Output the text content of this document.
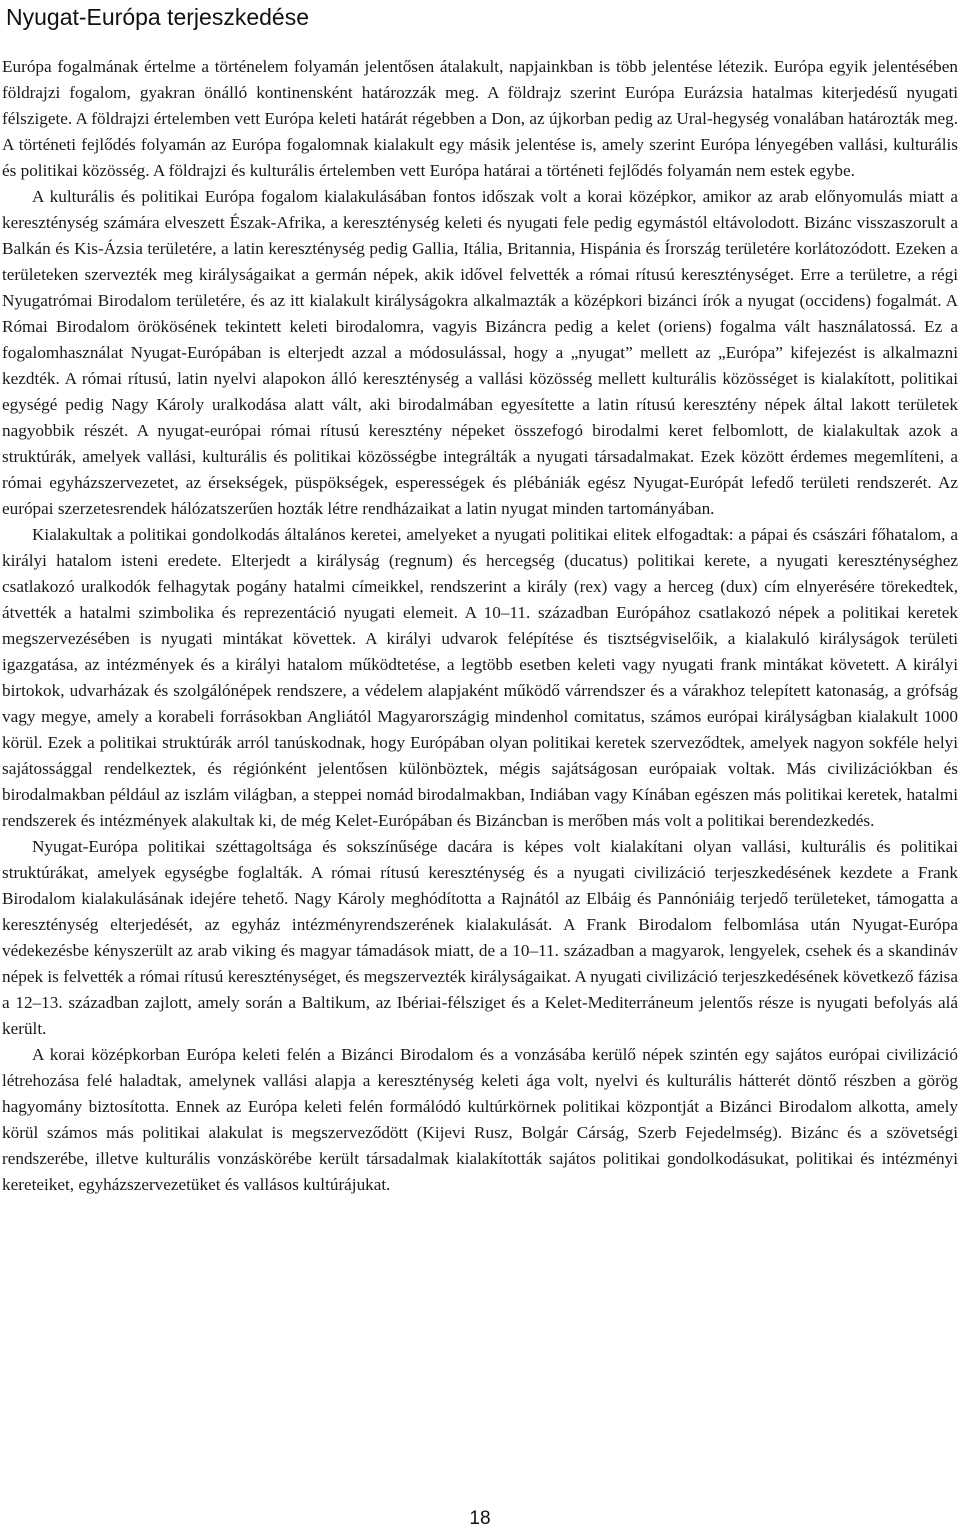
Nyugat-Európa terjeszkedése

Európa fogalmának értelme a történelem folyamán jelentősen átalakult, napjainkban is több jelentése létezik. Európa egyik jelentésében földrajzi fogalom, gyakran önálló kontinensként határozzák meg. A földrajz szerint Európa Eurázsia hatalmas kiterjedésű nyugati félszigete. A földrajzi értelemben vett Európa keleti határát régebben a Don, az újkorban pedig az Ural-hegység vonalában határozták meg. A történeti fejlődés folyamán az Európa fogalomnak kialakult egy másik jelentése is, amely szerint Európa lényegében vallási, kulturális és politikai közösség. A földrajzi és kulturális értelemben vett Európa határai a történeti fejlődés folyamán nem estek egybe.

A kulturális és politikai Európa fogalom kialakulásában fontos időszak volt a korai középkor, amikor az arab előnyomulás miatt a kereszténység számára elveszett Észak-Afrika, a kereszténység keleti és nyugati fele pedig egymástól eltávolodott. Bizánc visszaszorult a Balkán és Kis-Ázsia területére, a latin kereszténység pedig Gallia, Itália, Britannia, Hispánia és Írország területére korlátozódott. Ezeken a területeken szervezték meg királyságaikat a germán népek, akik idővel felvették a római rítusú kereszténységet. Erre a területre, a régi Nyugatrómai Birodalom területére, és az itt kialakult királyságokra alkalmazták a középkori bizánci írók a nyugat (occidens) fogalmát. A Római Birodalom örökösének tekintett keleti birodalomra, vagyis Bizáncra pedig a kelet (oriens) fogalma vált használatossá. Ez a fogalomhasználat Nyugat-Európában is elterjedt azzal a módosulással, hogy a „nyugat” mellett az „Európa” kifejezést is alkalmazni kezdték. A római rítusú, latin nyelvi alapokon álló kereszténység a vallási közösség mellett kulturális közösséget is kialakított, politikai egységé pedig Nagy Károly uralkodása alatt vált, aki birodalmában egyesítette a latin rítusú keresztény népek által lakott területek nagyobbik részét. A nyugat-európai római rítusú keresztény népeket összefogó birodalmi keret felbomlott, de kialakultak azok a struktúrák, amelyek vallási, kulturális és politikai közösségbe integrálták a nyugati társadalmakat. Ezek között érdemes megemlíteni, a római egyházszervezetet, az érsekségek, püspökségek, esperességek és plébániák egész Nyugat-Európát lefedő területi rendszerét. Az európai szerzetesrendek hálózatszerűen hozták létre rendházaikat a latin nyugat minden tartományában.

Kialakultak a politikai gondolkodás általános keretei, amelyeket a nyugati politikai elitek elfogadtak: a pápai és császári főhatalom, a királyi hatalom isteni eredete. Elterjedt a királyság (regnum) és hercegség (ducatus) politikai kerete, a nyugati kereszténységhez csatlakozó uralkodók felhagytak pogány hatalmi címeikkel, rendszerint a király (rex) vagy a herceg (dux) cím elnyerésére törekedtek, átvették a hatalmi szimbolika és reprezentáció nyugati elemeit. A 10–11. században Európához csatlakozó népek a politikai keretek megszervezésében is nyugati mintákat követtek. A királyi udvarok felépítése és tisztségviselőik, a kialakuló királyságok területi igazgatása, az intézmények és a királyi hatalom működtetése, a legtöbb esetben keleti vagy nyugati frank mintákat követett. A királyi birtokok, udvarházak és szolgálónépek rendszere, a védelem alapjaként működő várrendszer és a várakhoz telepített katonaság, a grófság vagy megye, amely a korabeli forrásokban Angliától Magyarországig mindenhol comitatus, számos európai királyságban kialakult 1000 körül. Ezek a politikai struktúrák arról tanúskodnak, hogy Európában olyan politikai keretek szerveződtek, amelyek nagyon sokféle helyi sajátossággal rendelkeztek, és régiónként jelentősen különböztek, mégis sajátságosan európaiak voltak. Más civilizációkban és birodalmakban például az iszlám világban, a steppei nomád birodalmakban, Indiában vagy Kínában egészen más politikai keretek, hatalmi rendszerek és intézmények alakultak ki, de még Kelet-Európában és Bizáncban is merőben más volt a politikai berendezkedés.

Nyugat-Európa politikai széttagoltsága és sokszínűsége dacára is képes volt kialakítani olyan vallási, kulturális és politikai struktúrákat, amelyek egységbe foglalták. A római rítusú kereszténység és a nyugati civilizáció terjeszkedésének kezdete a Frank Birodalom kialakulásának idejére tehető. Nagy Károly meghódította a Rajnától az Elbáig és Pannóniáig terjedő területeket, támogatta a kereszténység elterjedését, az egyház intézményrendszerének kialakulását. A Frank Birodalom felbomlása után Nyugat-Európa védekezésbe kényszerült az arab viking és magyar támadások miatt, de a 10–11. században a magyarok, lengyelek, csehek és a skandináv népek is felvették a római rítusú kereszténységet, és megszervezték királyságaikat. A nyugati civilizáció terjeszkedésének következő fázisa a 12–13. században zajlott, amely során a Baltikum, az Ibériai-félsziget és a Kelet-Mediterráneum jelentős része is nyugati befolyás alá került.

A korai középkorban Európa keleti felén a Bizánci Birodalom és a vonzásába kerülő népek szintén egy sajátos európai civilizáció létrehozása felé haladtak, amelynek vallási alapja a kereszténység keleti ága volt, nyelvi és kulturális hátterét döntő részben a görög hagyomány biztosította. Ennek az Európa keleti felén formálódó kultúrkörnek politikai központját a Bizánci Birodalom alkotta, amely körül számos más politikai alakulat is megszerveződött (Kijevi Rusz, Bolgár Cárság, Szerb Fejedelmség). Bizánc és a szövetségi rendszerébe, illetve kulturális vonzáskörébe került társadalmak kialakították sajátos politikai gondolkodásukat, politikai és intézményi kereteiket, egyházszervezetüket és vallásos kultúrájukat.

18
